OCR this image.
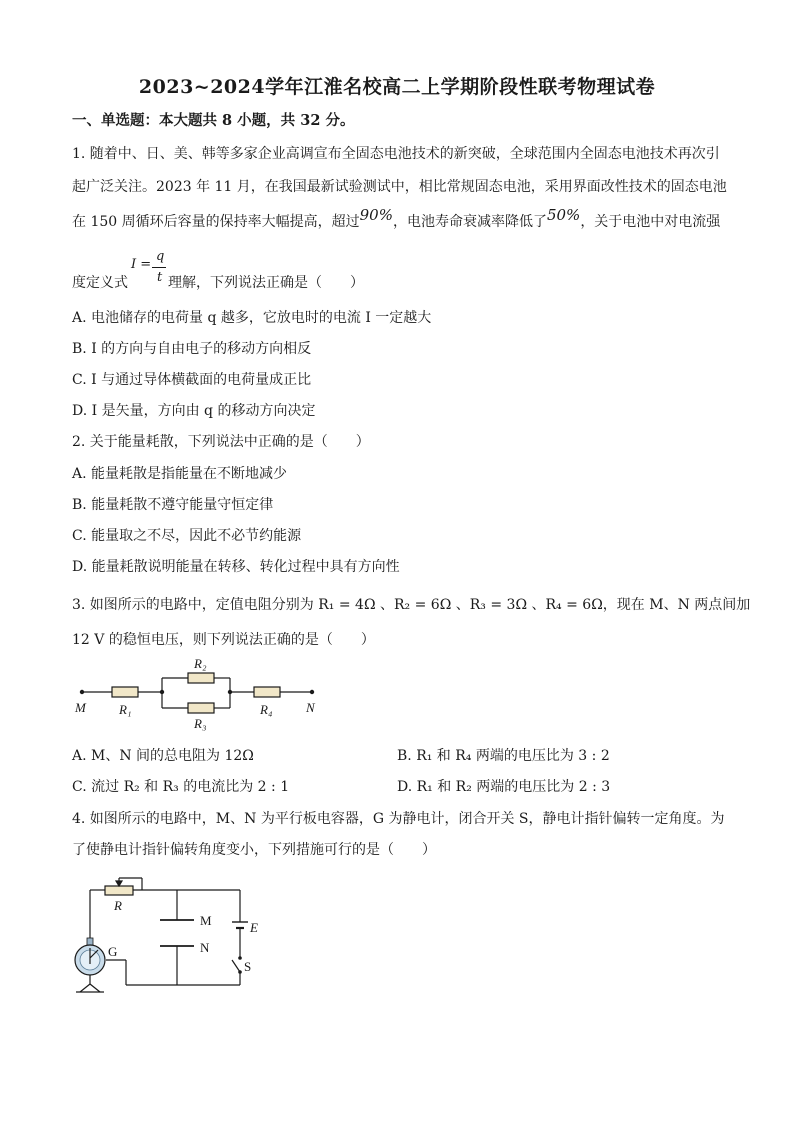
2023~2024学年江淮名校高二上学期阶段性联考物理试卷
一、单选题：本大题共 8 小题，共 32 分。
1. 随着中、日、美、韩等多家企业高调宣布全固态电池技术的新突破，全球范围内全固态电池技术再次引
起广泛关注。2023 年 11 月，在我国最新试验测试中，相比常规固态电池，采用界面改性技术的固态电池
在 150 周循环后容量的保持率大幅提高，超过90%，电池寿命衰减率降低了50%，关于电池中对电流强
度定义式
I =
q
t 理解，下列说法正确是（　　）
A. 电池储存的电荷量 q 越多，它放电时的电流 I 一定越大
B. I 的方向与自由电子的移动方向相反
C. I 与通过导体横截面的电荷量成正比
D. I 是矢量，方向由 q 的移动方向决定
2. 关于能量耗散，下列说法中正确的是（　　）
A. 能量耗散是指能量在不断地减少
B. 能量耗散不遵守能量守恒定律
C. 能量取之不尽，因此不必节约能源
D. 能量耗散说明能量在转移、转化过程中具有方向性
3. 如图所示的电路中，定值电阻分别为 R₁ = 4Ω 、R₂ = 6Ω 、R₃ = 3Ω 、R₄ = 6Ω，现在 M、N 两点间加
12 V 的稳恒电压，则下列说法正确的是（　　）
M	R₁
R₂
R₃
R₄	N
A. M、N 间的总电阻为 12Ω	B. R₁ 和 R₄ 两端的电压比为 3 : 2
C. 流过 R₂ 和 R₃ 的电流比为 2 : 1	D. R₁ 和 R₂ 两端的电压比为 2 : 3
4. 如图所示的电路中，M、N 为平行板电容器，G 为静电计，闭合开关 S，静电计指针偏转一定角度。为
了使静电计指针偏转角度变小，下列措施可行的是（　　）
R
M
N
G
E
S
